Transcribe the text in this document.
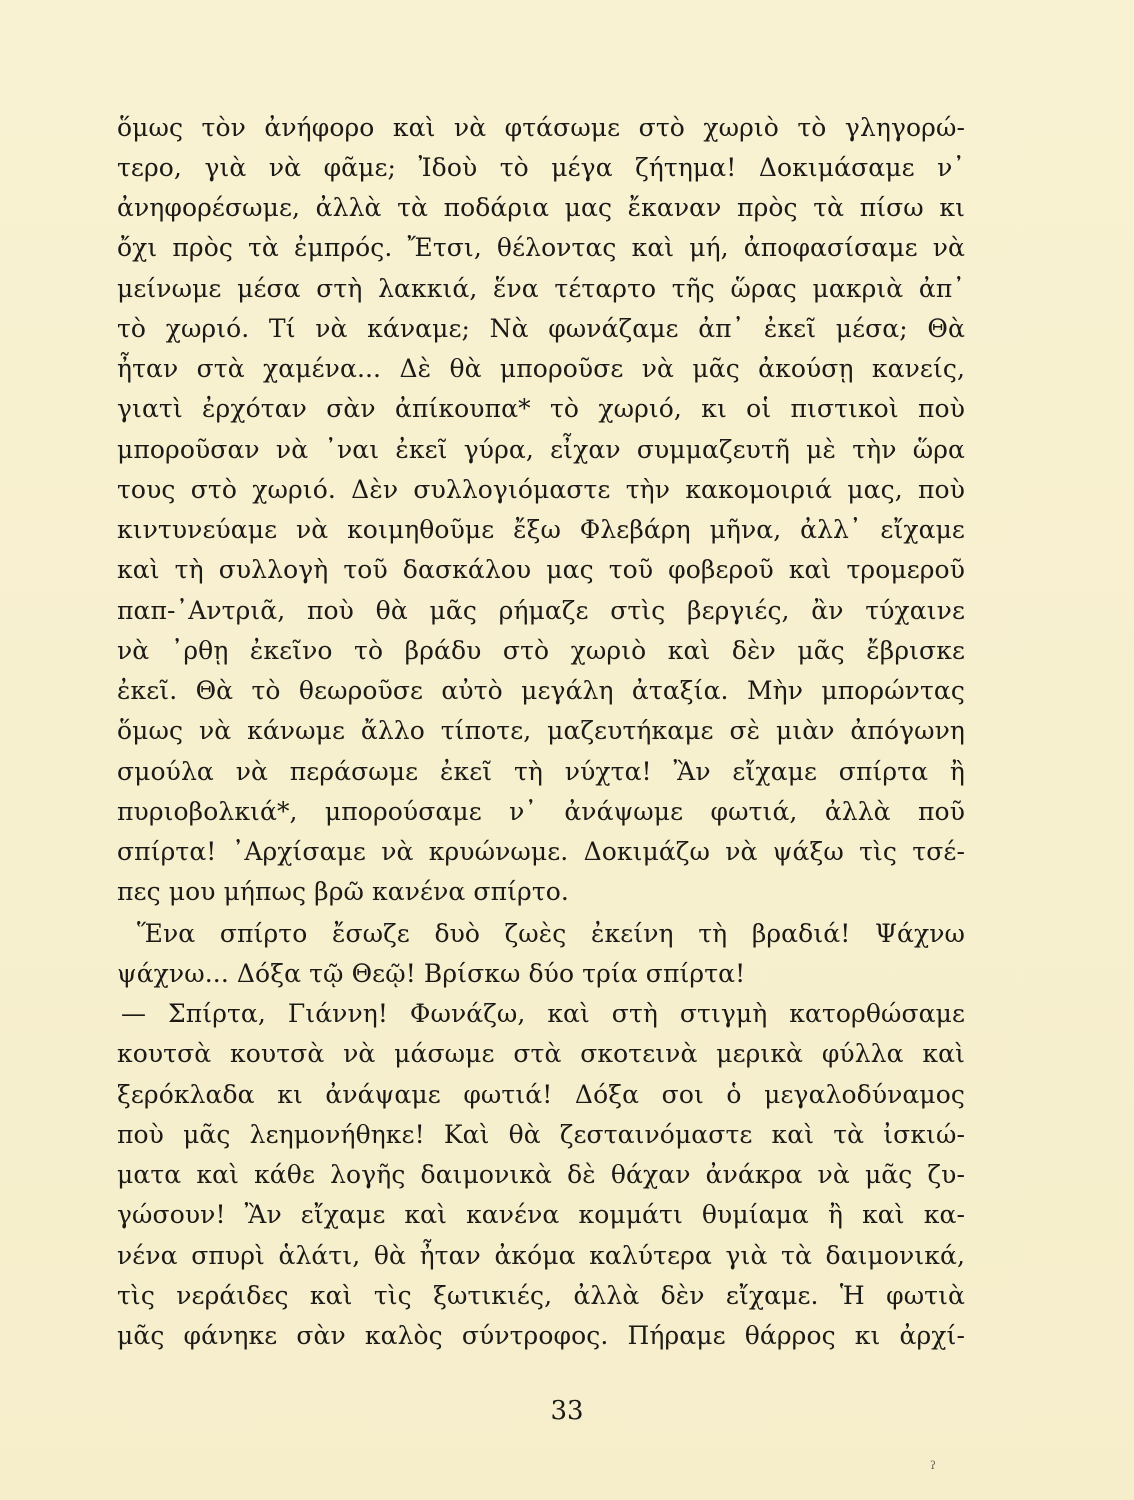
ὅμως τὸν ἀνήφορο καὶ νὰ φτάσωμε στὸ χωριὸ τὸ γληγορώ-
τερο, γιὰ νὰ φᾶμε; Ἰδοὺ τὸ μέγα ζήτημα! Δοκιμάσαμε ν᾿
ἀνηφορέσωμε, ἀλλὰ τὰ ποδάρια μας ἔκαναν πρὸς τὰ πίσω κι
ὄχι πρὸς τὰ ἐμπρός. Ἔτσι, θέλοντας καὶ μή, ἀποφασίσαμε νὰ
μείνωμε μέσα στὴ λακκιά, ἕνα τέταρτο τῆς ὥρας μακριὰ ἀπ᾿
τὸ χωριό. Τί νὰ κάναμε; Νὰ φωνάζαμε ἀπ᾿ ἐκεῖ μέσα; Θὰ
ἦταν στὰ χαμένα... Δὲ θὰ μποροῦσε νὰ μᾶς ἀκούσῃ κανείς,
γιατὶ ἐρχόταν σὰν ἀπίκουπα* τὸ χωριό, κι οἱ πιστικοὶ ποὺ
μποροῦσαν νὰ ᾽ναι ἐκεῖ γύρα, εἶχαν συμμαζευτῆ μὲ τὴν ὥρα
τους στὸ χωριό. Δὲν συλλογιόμαστε τὴν κακομοιριά μας, ποὺ
κιντυνεύαμε νὰ κοιμηθοῦμε ἔξω Φλεβάρη μῆνα, ἀλλ᾿ εἴχαμε
καὶ τὴ συλλογὴ τοῦ δασκάλου μας τοῦ φοβεροῦ καὶ τρομεροῦ
παπ-᾿Αντριᾶ, ποὺ θὰ μᾶς ρήμαζε στὶς βεργιές, ἂν τύχαινε
νὰ ᾽ρθῃ ἐκεῖνο τὸ βράδυ στὸ χωριὸ καὶ δὲν μᾶς ἔβρισκε
ἐκεῖ. Θὰ τὸ θεωροῦσε αὐτὸ μεγάλη ἀταξία. Μὴν μπορώντας
ὅμως νὰ κάνωμε ἄλλο τίποτε, μαζευτήκαμε σὲ μιὰν ἀπόγωνη
σμούλα νὰ περάσωμε ἐκεῖ τὴ νύχτα! Ἂν εἴχαμε σπίρτα ἢ
πυριοβολκιά*, μπορούσαμε ν᾿ ἀνάψωμε φωτιά, ἀλλὰ ποῦ
σπίρτα! ᾿Αρχίσαμε νὰ κρυώνωμε. Δοκιμάζω νὰ ψάξω τὶς τσέ-
πες μου μήπως βρῶ κανένα σπίρτο.
Ἕνα σπίρτο ἔσωζε δυὸ ζωὲς ἐκείνη τὴ βραδιά! Ψάχνω
ψάχνω... Δόξα τῷ Θεῷ! Βρίσκω δύο τρία σπίρτα!
— Σπίρτα, Γιάννη! Φωνάζω, καὶ στὴ στιγμὴ κατορθώσαμε
κουτσὰ κουτσὰ νὰ μάσωμε στὰ σκοτεινὰ μερικὰ φύλλα καὶ
ξερόκλαδα κι ἀνάψαμε φωτιά! Δόξα σοι ὁ μεγαλοδύναμος
ποὺ μᾶς λεημονήθηκε! Καὶ θὰ ζεσταινόμαστε καὶ τὰ ἰσκιώ-
ματα καὶ κάθε λογῆς δαιμονικὰ δὲ θάχαν ἀνάκρα νὰ μᾶς ζυ-
γώσουν! Ἂν εἴχαμε καὶ κανένα κομμάτι θυμίαμα ἢ καὶ κα-
νένα σπυρὶ ἁλάτι, θὰ ἦταν ἀκόμα καλύτερα γιὰ τὰ δαιμονικά,
τὶς νεράιδες καὶ τὶς ξωτικιές, ἀλλὰ δὲν εἴχαμε. Ἡ φωτιὰ
μᾶς φάνηκε σὰν καλὸς σύντροφος. Πήραμε θάρρος κι ἀρχί-
33
ʔ
